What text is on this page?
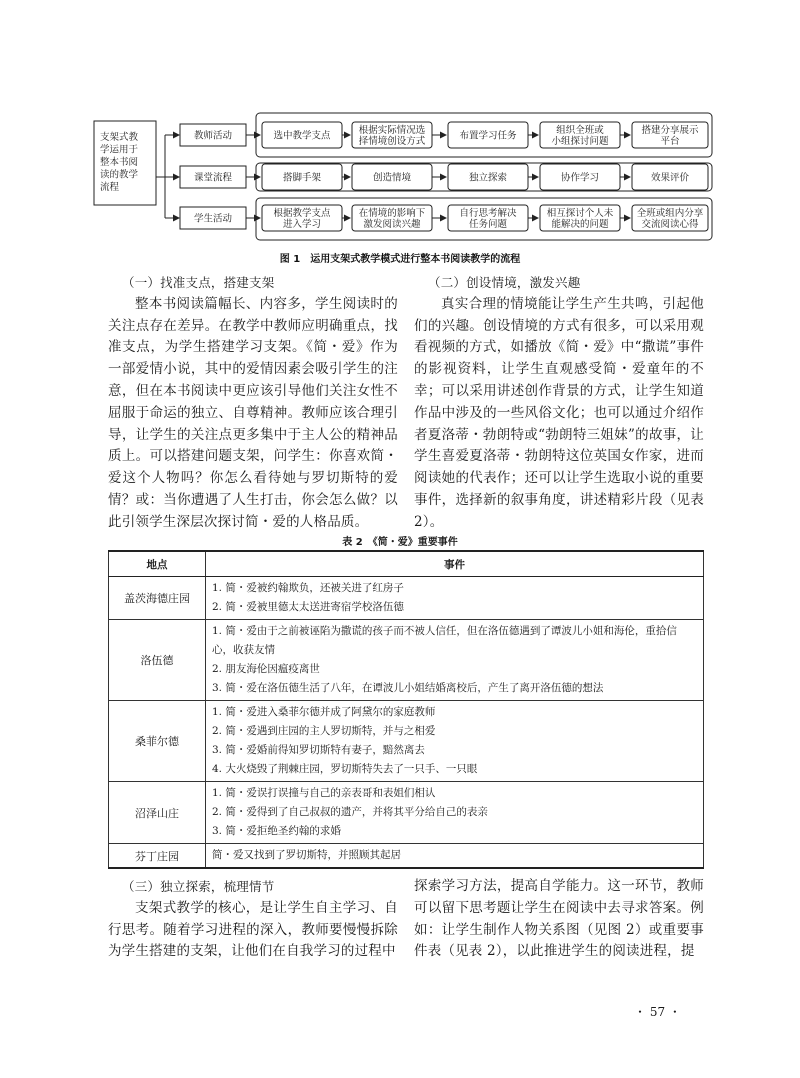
支架式教
学运用于
整本书阅
读的教学
流程
教师活动	选中教学支点	根据实际情况选
择情境创设方式	布置学习任务	组织全班或
小组探讨问题
搭建分享展示
平台
课堂流程	搭脚手架	创造情境	独立探索	协作学习	效果评价
学生活动	根据教学支点
进入学习
在情境的影响下
激发阅读兴趣
自行思考解决
任务问题
相互探讨个人未
能解决的问题
全班或组内分享
交流阅读心得
图 1　运用支架式教学模式进行整本书阅读教学的流程

（一）找准支点，搭建支架

整本书阅读篇幅长、内容多，学生阅读时的关注点存在差异。在教学中教师应明确重点，找准支点，为学生搭建学习支架。《简・爱》作为一部爱情小说，其中的爱情因素会吸引学生的注意，但在本书阅读中更应该引导他们关注女性不屈服于命运的独立、自尊精神。教师应该合理引导，让学生的关注点更多集中于主人公的精神品质上。可以搭建问题支架，问学生：你喜欢简・爱这个人物吗？你怎么看待她与罗切斯特的爱情？或：当你遭遇了人生打击，你会怎么做？以此引领学生深层次探讨简・爱的人格品质。

（二）创设情境，激发兴趣

真实合理的情境能让学生产生共鸣，引起他们的兴趣。创设情境的方式有很多，可以采用观看视频的方式，如播放《简・爱》中“撒谎”事件的影视资料，让学生直观感受简・爱童年的不幸；可以采用讲述创作背景的方式，让学生知道作品中涉及的一些风俗文化；也可以通过介绍作者夏洛蒂・勃朗特或“勃朗特三姐妹”的故事，让学生喜爱夏洛蒂・勃朗特这位英国女作家，进而阅读她的代表作；还可以让学生选取小说的重要事件，选择新的叙事角度，讲述精彩片段（见表 2）。

表 2　《简・爱》重要事件
地点	事件
盖茨海德庄园	1. 简・爱被约翰欺负，还被关进了红房子
2. 简・爱被里德太太送进寄宿学校洛伍德

洛伍德	1. 简・爱由于之前被诬陷为撒谎的孩子而不被人信任，但在洛伍德遇到了谭波儿小姐和海伦，重拾信心，收获友情
2. 朋友海伦因瘟疫离世
3. 简・爱在洛伍德生活了八年，在谭波儿小姐结婚离校后，产生了离开洛伍德的想法

桑菲尔德	1. 简・爱进入桑菲尔德并成了阿黛尔的家庭教师
2. 简・爱遇到庄园的主人罗切斯特，并与之相爱
3. 简・爱婚前得知罗切斯特有妻子，黯然离去
4. 大火烧毁了荆棘庄园，罗切斯特失去了一只手、一只眼

沼泽山庄	1. 简・爱误打误撞与自己的亲表哥和表姐们相认
2. 简・爱得到了自己叔叔的遗产，并将其平分给自己的表亲
3. 简・爱拒绝圣约翰的求婚

芬丁庄园	简・爱又找到了罗切斯特，并照顾其起居

（三）独立探索，梳理情节

支架式教学的核心，是让学生自主学习、自行思考。随着学习进程的深入，教师要慢慢拆除为学生搭建的支架，让他们在自我学习的过程中

探索学习方法，提高自学能力。这一环节，教师可以留下思考题让学生在阅读中去寻求答案。例如：让学生制作人物关系图（见图 2）或重要事件表（见表 2），以此推进学生的阅读进程，提

・ 57 ・
